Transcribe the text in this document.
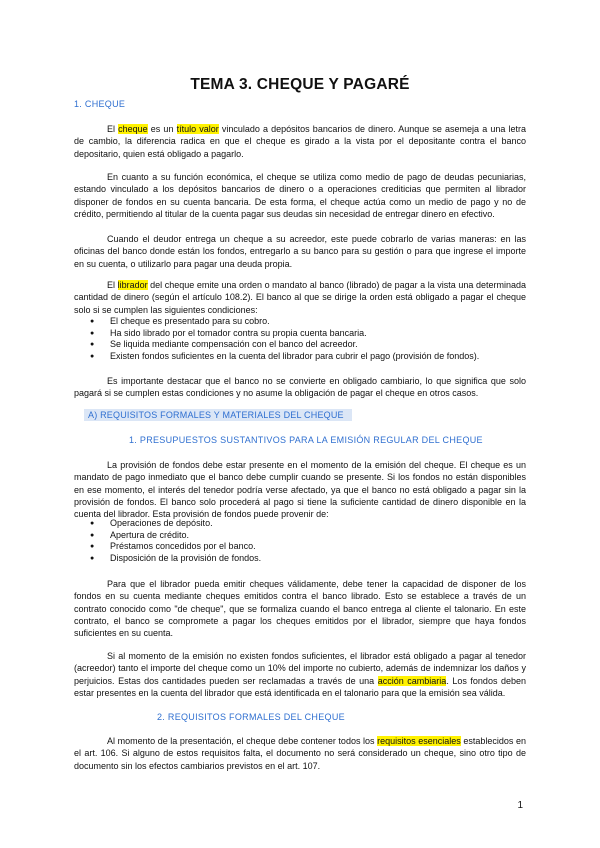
TEMA 3. CHEQUE Y PAGARÉ
1. CHEQUE

El cheque es un título valor vinculado a depósitos bancarios de dinero. Aunque se asemeja a una letra de cambio, la diferencia radica en que el cheque es girado a la vista por el depositante contra el banco depositario, quien está obligado a pagarlo.

En cuanto a su función económica, el cheque se utiliza como medio de pago de deudas pecuniarias, estando vinculado a los depósitos bancarios de dinero o a operaciones crediticias que permiten al librador disponer de fondos en su cuenta bancaria. De esta forma, el cheque actúa como un medio de pago y no de crédito, permitiendo al titular de la cuenta pagar sus deudas sin necesidad de entregar dinero en efectivo.

Cuando el deudor entrega un cheque a su acreedor, este puede cobrarlo de varias maneras: en las oficinas del banco donde están los fondos, entregarlo a su banco para su gestión o para que ingrese el importe en su cuenta, o utilizarlo para pagar una deuda propia.

El librador del cheque emite una orden o mandato al banco (librado) de pagar a la vista una determinada cantidad de dinero (según el artículo 108.2). El banco al que se dirige la orden está obligado a pagar el cheque solo si se cumplen las siguientes condiciones:

● El cheque es presentado para su cobro.
● Ha sido librado por el tomador contra su propia cuenta bancaria.
● Se liquida mediante compensación con el banco del acreedor.
● Existen fondos suficientes en la cuenta del librador para cubrir el pago (provisión de fondos).

Es importante destacar que el banco no se convierte en obligado cambiario, lo que significa que solo pagará si se cumplen estas condiciones y no asume la obligación de pagar el cheque en otros casos.

A) REQUISITOS FORMALES Y MATERIALES DEL CHEQUE
1. PRESUPUESTOS SUSTANTIVOS PARA LA EMISIÓN REGULAR DEL CHEQUE

La provisión de fondos debe estar presente en el momento de la emisión del cheque. El cheque es un mandato de pago inmediato que el banco debe cumplir cuando se presente. Si los fondos no están disponibles en ese momento, el interés del tenedor podría verse afectado, ya que el banco no está obligado a pagar sin la provisión de fondos. El banco solo procederá al pago si tiene la suficiente cantidad de dinero disponible en la cuenta del librador. Esta provisión de fondos puede provenir de:

● Operaciones de depósito.
● Apertura de crédito.
● Préstamos concedidos por el banco.
● Disposición de la provisión de fondos.

Para que el librador pueda emitir cheques válidamente, debe tener la capacidad de disponer de los fondos en su cuenta mediante cheques emitidos contra el banco librado. Esto se establece a través de un contrato conocido como "de cheque", que se formaliza cuando el banco entrega al cliente el talonario. En este contrato, el banco se compromete a pagar los cheques emitidos por el librador, siempre que haya fondos suficientes en su cuenta.

Si al momento de la emisión no existen fondos suficientes, el librador está obligado a pagar al tenedor (acreedor) tanto el importe del cheque como un 10% del importe no cubierto, además de indemnizar los daños y perjuicios. Estas dos cantidades pueden ser reclamadas a través de una acción cambiaria. Los fondos deben estar presentes en la cuenta del librador que está identificada en el talonario para que la emisión sea válida.

2. REQUISITOS FORMALES DEL CHEQUE

Al momento de la presentación, el cheque debe contener todos los requisitos esenciales establecidos en el art. 106. Si alguno de estos requisitos falta, el documento no será considerado un cheque, sino otro tipo de documento sin los efectos cambiarios previstos en el art. 107.

1
